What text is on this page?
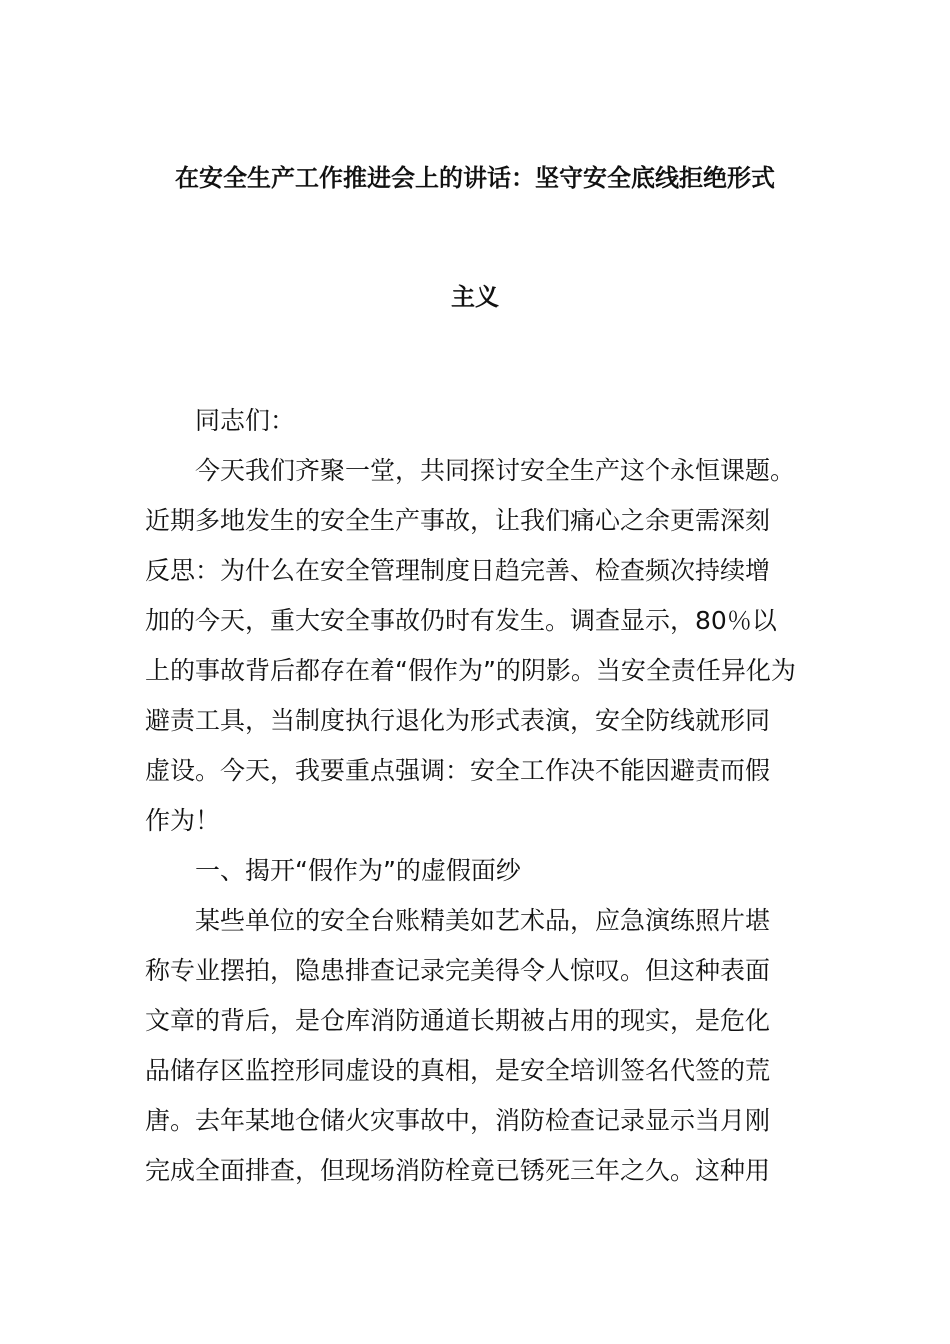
在安全生产工作推进会上的讲话：坚守安全底线拒绝形式
主义
同志们：
今天我们齐聚一堂，共同探讨安全生产这个永恒课题。
近期多地发生的安全生产事故，让我们痛心之余更需深刻
反思：为什么在安全管理制度日趋完善、检查频次持续增
加的今天，重大安全事故仍时有发生。调查显示，80％以
上的事故背后都存在着“假作为”的阴影。当安全责任异化为
避责工具，当制度执行退化为形式表演，安全防线就形同
虚设。今天，我要重点强调：安全工作决不能因避责而假
作为！
一、揭开“假作为”的虚假面纱
某些单位的安全台账精美如艺术品，应急演练照片堪
称专业摆拍，隐患排查记录完美得令人惊叹。但这种表面
文章的背后，是仓库消防通道长期被占用的现实，是危化
品储存区监控形同虚设的真相，是安全培训签名代签的荒
唐。去年某地仓储火灾事故中，消防检查记录显示当月刚
完成全面排查，但现场消防栓竟已锈死三年之久。这种用
